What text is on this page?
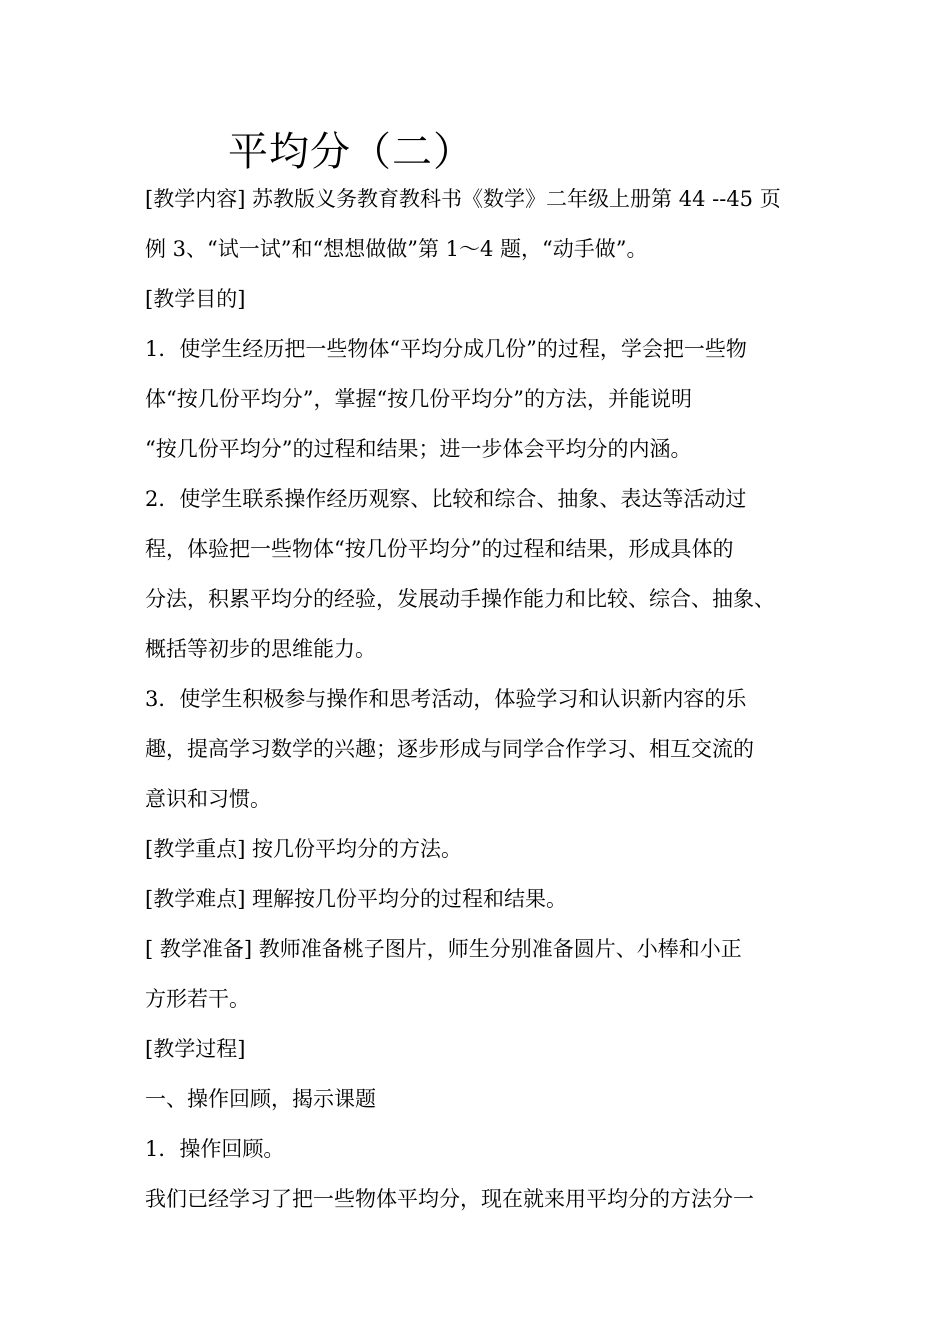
平均分（二）
[教学内容] 苏教版义务教育教科书《数学》二年级上册第 44 --45 页
例 3、“试一试”和“想想做做”第 1～4 题，“动手做”。
[教学目的]
1．使学生经历把一些物体“平均分成几份”的过程，学会把一些物
体“按几份平均分”，掌握“按几份平均分”的方法，并能说明
“按几份平均分”的过程和结果；进一步体会平均分的内涵。
2．使学生联系操作经历观察、比较和综合、抽象、表达等活动过
程，体验把一些物体“按几份平均分”的过程和结果，形成具体的
分法，积累平均分的经验，发展动手操作能力和比较、综合、抽象、
概括等初步的思维能力。
3．使学生积极参与操作和思考活动，体验学习和认识新内容的乐
趣，提高学习数学的兴趣；逐步形成与同学合作学习、相互交流的
意识和习惯。
[教学重点] 按几份平均分的方法。
[教学难点] 理解按几份平均分的过程和结果。
[ 教学准备] 教师准备桃子图片，师生分别准备圆片、小棒和小正
方形若干。
[教学过程]
一、操作回顾，揭示课题
1．操作回顾。
我们已经学习了把一些物体平均分，现在就来用平均分的方法分一
